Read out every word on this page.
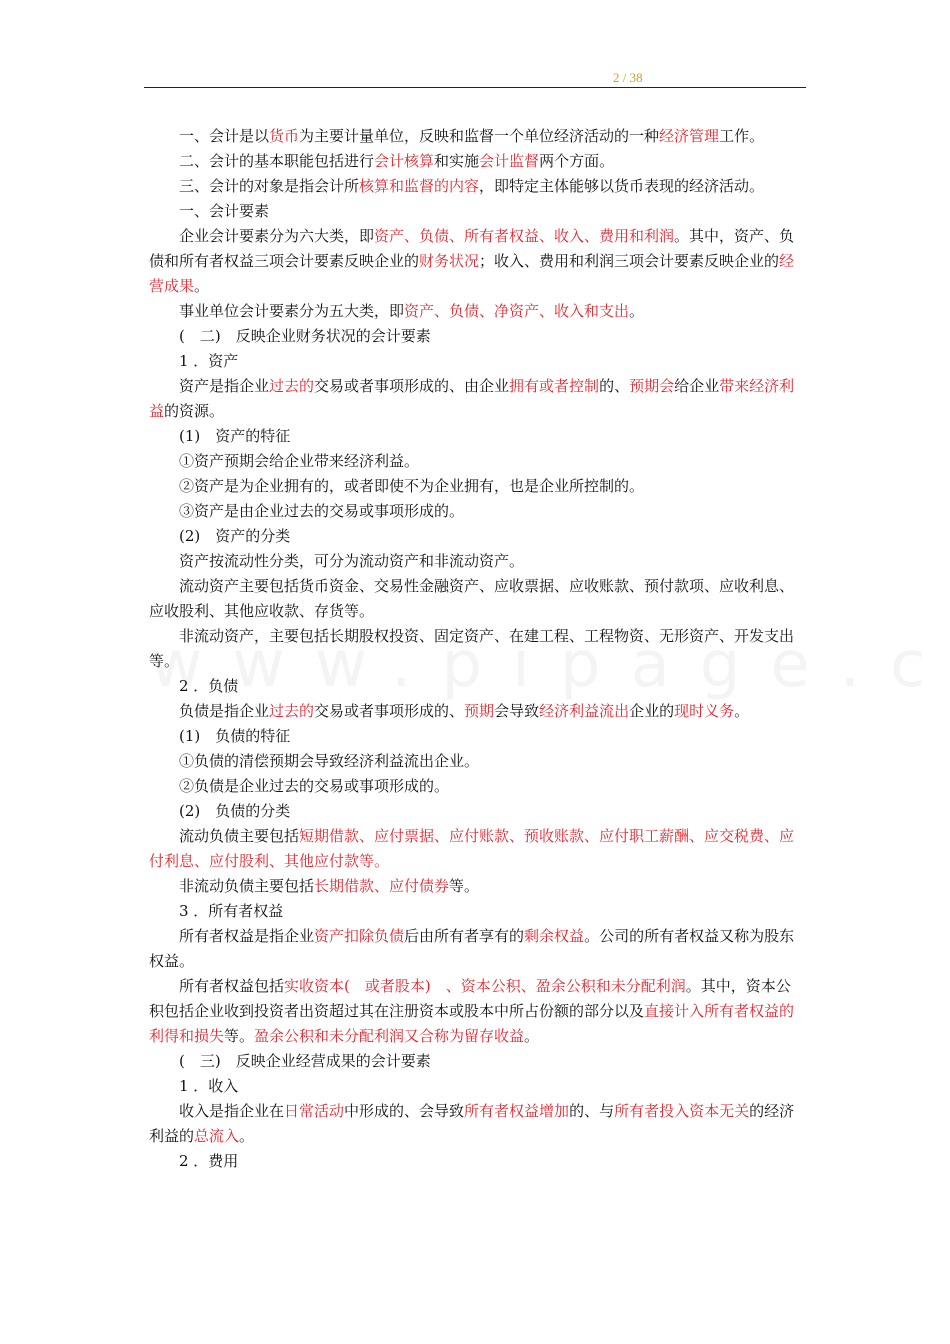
2 / 38

一、会计是以货币为主要计量单位，反映和监督一个单位经济活动的一种经济管理工作。

二、会计的基本职能包括进行会计核算和实施会计监督两个方面。

三、会计的对象是指会计所核算和监督的内容，即特定主体能够以货币表现的经济活动。

一、会计要素

企业会计要素分为六大类，即资产、负债、所有者权益、收入、费用和利润。其中，资产、负债和所有者权益三项会计要素反映企业的财务状况；收入、费用和利润三项会计要素反映企业的经营成果。

事业单位会计要素分为五大类，即资产、负债、净资产、收入和支出。

(　二)　反映企业财务状况的会计要素

1 ．资产

资产是指企业过去的交易或者事项形成的、由企业拥有或者控制的、预期会给企业带来经济利益的资源。

(1)　资产的特征

①资产预期会给企业带来经济利益。

②资产是为企业拥有的，或者即使不为企业拥有，也是企业所控制的。

③资产是由企业过去的交易或事项形成的。

(2)　资产的分类

资产按流动性分类，可分为流动资产和非流动资产。

流动资产主要包括货币资金、交易性金融资产、应收票据、应收账款、预付款项、应收利息、应收股利、其他应收款、存货等。

非流动资产，主要包括长期股权投资、固定资产、在建工程、工程物资、无形资产、开发支出等。

2 ．负债

负债是指企业过去的交易或者事项形成的、预期会导致经济利益流出企业的现时义务。

(1)　负债的特征

①负债的清偿预期会导致经济利益流出企业。

②负债是企业过去的交易或事项形成的。

(2)　负债的分类

流动负债主要包括短期借款、应付票据、应付账款、预收账款、应付职工薪酬、应交税费、应付利息、应付股利、其他应付款等。

非流动负债主要包括长期借款、应付债券等。

3 ．所有者权益

所有者权益是指企业资产扣除负债后由所有者享有的剩余权益。公司的所有者权益又称为股东权益。

所有者权益包括实收资本(　或者股本)　、资本公积、盈余公积和未分配利润。其中，资本公积包括企业收到投资者出资超过其在注册资本或股本中所占份额的部分以及直接计入所有者权益的利得和损失等。盈余公积和未分配利润又合称为留存收益。

(　三)　反映企业经营成果的会计要素

1 ．收入

收入是指企业在日常活动中形成的、会导致所有者权益增加的、与所有者投入资本无关的经济利益的总流入。

2 ．费用
